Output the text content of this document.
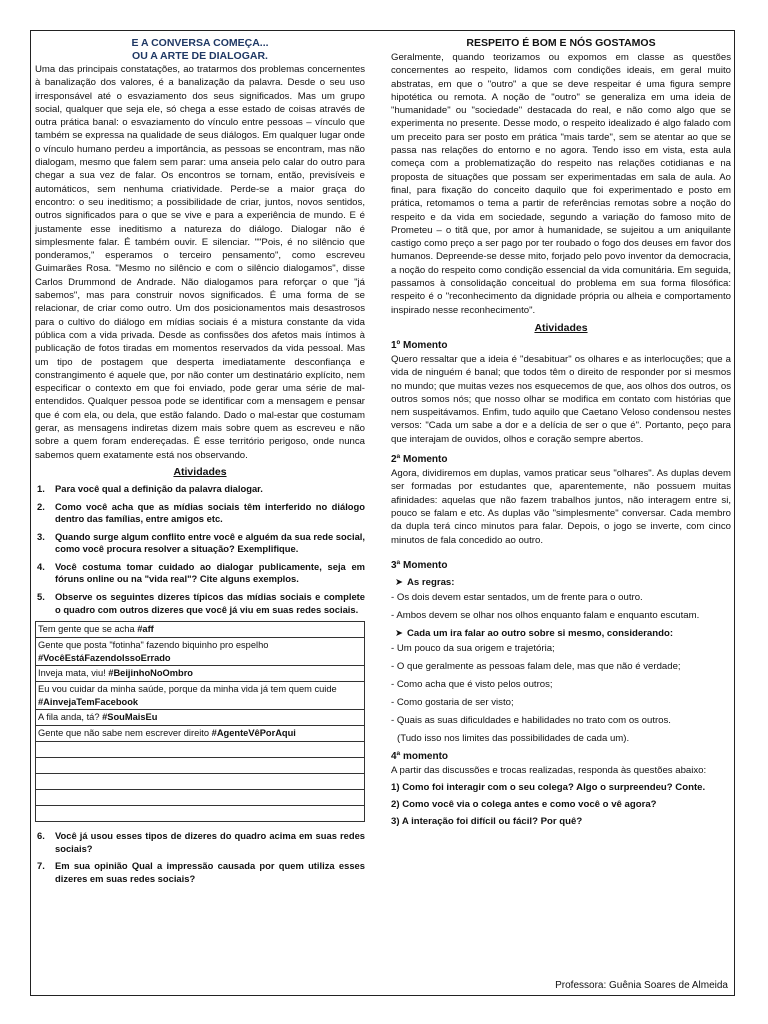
E A CONVERSA COMEÇA...
OU A ARTE DE DIALOGAR.

Uma das principais constatações, ao tratarmos dos problemas concernentes à banalização dos valores, é a banalização da palavra. Desde o seu uso irresponsável até o esvaziamento dos seus significados. Mas um grupo social, qualquer que seja ele, só chega a esse estado de coisas através de outra prática banal: o esvaziamento do vínculo entre pessoas – vínculo que também se expressa na qualidade de seus diálogos. Em qualquer lugar onde o vínculo humano perdeu a importância, as pessoas se encontram, mas não dialogam, mesmo que falem sem parar: uma anseia pelo calar do outro para chegar a sua vez de falar. Os encontros se tornam, então, previsíveis e automáticos, sem nenhuma criatividade. Perde-se a maior graça do encontro: o seu ineditismo; a possibilidade de criar, juntos, novos sentidos, outros significados para o que se vive e para a experiência de mundo. E é justamente esse ineditismo a natureza do diálogo. Dialogar não é simplesmente falar. É também ouvir. E silenciar. ""Pois, é no silêncio que ponderamos," esperamos o terceiro pensamento", como escreveu Guimarães Rosa. "Mesmo no silêncio e com o silêncio dialogamos", disse Carlos Drummond de Andrade. Não dialogamos para reforçar o que "já sabemos", mas para construir novos significados. É uma forma de se relacionar, de criar como outro. Um dos posicionamentos mais desastrosos para o cultivo do diálogo em mídias sociais é a mistura constante da vida pública com a vida privada. Desde as confissões dos afetos mais íntimos à publicação de fotos tiradas em momentos reservados da vida pessoal. Mas um tipo de postagem que desperta imediatamente desconfiança e constrangimento é aquele que, por não conter um destinatário explícito, nem especificar o contexto em que foi enviado, pode gerar uma série de mal-entendidos. Qualquer pessoa pode se identificar com a mensagem e pensar que é com ela, ou dela, que estão falando. Dado o mal-estar que costumam gerar, as mensagens indiretas dizem mais sobre quem as escreveu e não sobre a quem foram endereçadas. É esse território perigoso, onde nunca sabemos quem exatamente está nos observando.

Atividades
1.	Para você qual a definição da palavra dialogar.
2.	Como você acha que as mídias sociais têm interferido no diálogo dentro das famílias, entre amigos etc.
3.	Quando surge algum conflito entre você e alguém da sua rede social, como você procura resolver a situação? Exemplifique.
4.	Você costuma tomar cuidado ao dialogar publicamente, seja em fóruns online ou na "vida real"? Cite alguns exemplos.
5.	Observe os seguintes dizeres típicos das mídias sociais e complete o quadro com outros dizeres que você já viu em suas redes sociais.
Tem gente que se acha #aff
Gente que posta "fotinha" fazendo biquinho pro espelho #VocêEstáFazendoIssoErrado
Inveja mata, viu! #BeijinhoNoOmbro
Eu vou cuidar da minha saúde, porque da minha vida já tem quem cuide #AinvejaTemFacebook
A fila anda, tá? #SouMaisEu
Gente que não sabe nem escrever direito #AgenteVêPorAqui

6.	Você já usou esses tipos de dizeres do quadro acima em suas redes sociais?
7.	Em sua opinião Qual a impressão causada por quem utiliza esses dizeres em suas redes sociais?
RESPEITO É BOM E NÓS GOSTAMOS

Geralmente, quando teorizamos ou expomos em classe as questões concernentes ao respeito, lidamos com condições ideais, em geral muito abstratas, em que o "outro" a que se deve respeitar é uma figura sempre hipotética ou remota. A noção de "outro" se generaliza em uma ideia de "humanidade" ou "sociedade" destacada do real, e não como algo que se experimenta no presente. Desse modo, o respeito idealizado é algo falado com um preceito para ser posto em prática "mais tarde", sem se atentar ao que se passa nas relações do entorno e no agora. Tendo isso em vista, esta aula começa com a problematização do respeito nas relações cotidianas e na proposta de situações que possam ser experimentadas em sala de aula. Ao final, para fixação do conceito daquilo que foi experimentado e posto em prática, retomamos o tema a partir de referências remotas sobre a noção do respeito e da vida em sociedade, segundo a variação do famoso mito de Prometeu – o titã que, por amor à humanidade, se sujeitou a um aniquilante castigo como preço a ser pago por ter roubado o fogo dos deuses em favor dos humanos. Depreende-se desse mito, forjado pelo povo inventor da democracia, a noção do respeito como condição essencial da vida comunitária. Em seguida, passamos à consolidação conceitual do problema em sua forma filosófica: respeito é o "reconhecimento da dignidade própria ou alheia e comportamento inspirado nesse reconhecimento".

Atividades
1º Momento

Quero ressaltar que a ideia é "desabituar" os olhares e as interlocuções; que a vida de ninguém é banal; que todos têm o direito de responder por si mesmos no mundo; que muitas vezes nos esquecemos de que, aos olhos dos outros, os outros somos nós; que nosso olhar se modifica em contato com histórias que nem suspeitávamos. Enfim, tudo aquilo que Caetano Veloso condensou nestes versos: "Cada um sabe a dor e a delícia de ser o que é". Portanto, peço para que interajam de ouvidos, olhos e coração sempre abertos.

2ª Momento

Agora, dividiremos em duplas, vamos praticar seus "olhares". As duplas devem ser formadas por estudantes que, aparentemente, não possuem muitas afinidades: aquelas que não fazem trabalhos juntos, não interagem entre si, pouco se falam e etc. As duplas vão "simplesmente" conversar. Cada membro da dupla terá cinco minutos para falar. Depois, o jogo se inverte, com cinco minutos de fala concedido ao outro.

3ª Momento
➤ As regras:
- Os dois devem estar sentados, um de frente para o outro.
- Ambos devem se olhar nos olhos enquanto falam e enquanto escutam.
➤ Cada um ira falar ao outro sobre si mesmo, considerando:
- Um pouco da sua origem e trajetória;
- O que geralmente as pessoas falam dele, mas que não é verdade;
- Como acha que é visto pelos outros;
- Como gostaria de ser visto;
- Quais as suas dificuldades e habilidades no trato com os outros.
(Tudo isso nos limites das possibilidades de cada um).
4ª momento

A partir das discussões e trocas realizadas, responda às questões abaixo:

1) Como foi interagir com o seu colega? Algo o surpreendeu? Conte.
2) Como você via o colega antes e como você o vê agora?
3) A interação foi difícil ou fácil? Por quê?
Professora: Guênia Soares de Almeida
